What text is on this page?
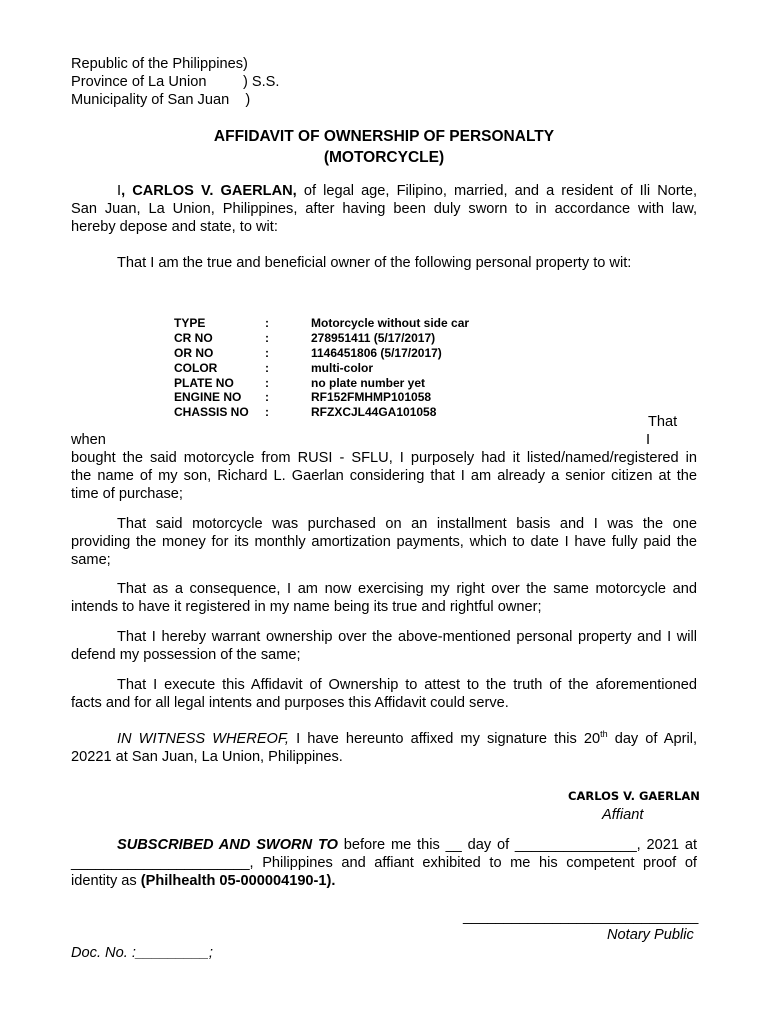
Republic of the Philippines)
Province of La Union         ) S.S.
Municipality of San Juan    )
AFFIDAVIT OF OWNERSHIP OF PERSONALTY
(MOTORCYCLE)
I, CARLOS V. GAERLAN, of legal age, Filipino, married, and a resident of Ili Norte,
San Juan, La Union, Philippines, after having been duly sworn to in accordance with law,
hereby depose and state, to wit:
That I am the true and beneficial owner of the following personal property to wit:
TYPE	:	Motorcycle without side car
CR NO	:	278951411 (5/17/2017)
OR NO	:	1146451806 (5/17/2017)
COLOR	:	multi-color
PLATE NO	:	no plate number yet
ENGINE NO	:	RF152FMHMP101058
CHASSIS NO	:	RFZXCJL44GA101058
That
when	I
bought the said motorcycle from RUSI - SFLU, I purposely had it listed/named/registered in
the name of my son, Richard L. Gaerlan considering that I am already a senior citizen at the
time of purchase;
That said motorcycle was purchased on an installment basis and I was the one
providing the money for its monthly amortization payments, which to date I have fully paid the
same;
That as a consequence, I am now exercising my right over the same motorcycle and
intends to have it registered in my name being its true and rightful owner;
That I hereby warrant ownership over the above-mentioned personal property and I will
defend my possession of the same;
That I execute this Affidavit of Ownership to attest to the truth of the aforementioned
facts and for all legal intents and purposes this Affidavit could serve.
IN WITNESS WHEREOF, I have hereunto affixed my signature this 20th day of April,
20221 at San Juan, La Union, Philippines.
CARLOS V. GAERLAN
Affiant
SUBSCRIBED AND SWORN TO before me this __ day of _______________, 2021 at
______________________, Philippines and affiant exhibited to me his competent proof of
identity as (Philhealth 05-000004190-1).
_____________________________
Notary Public
Doc. No. :_________;
